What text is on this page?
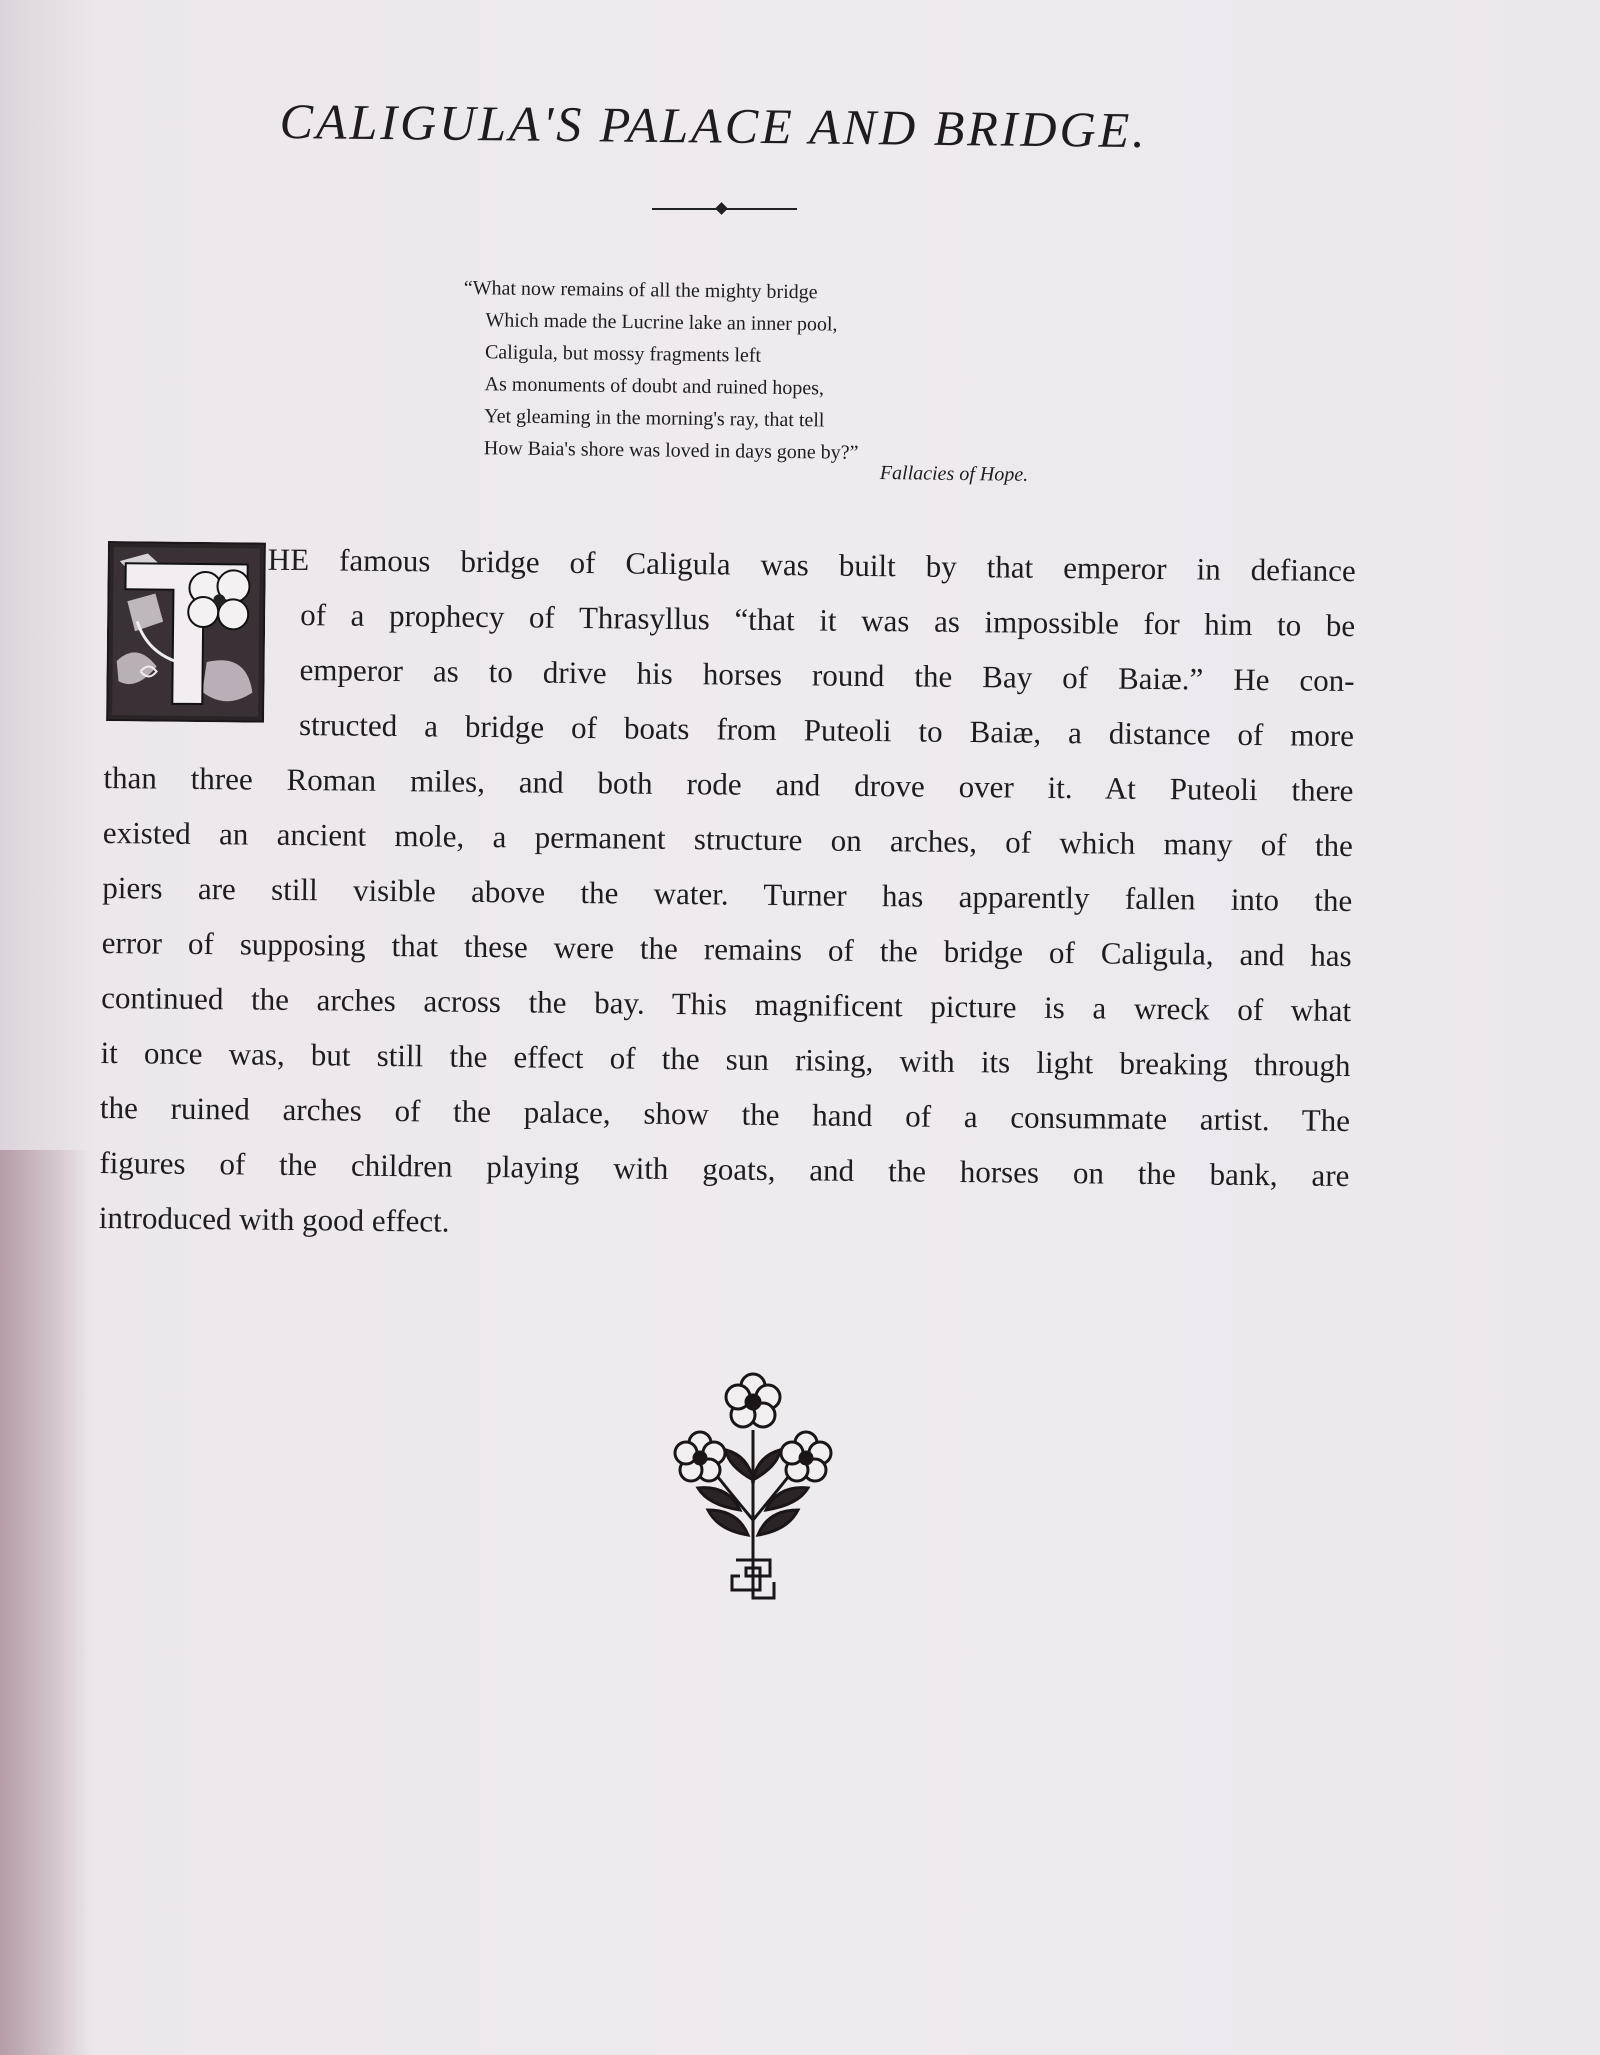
CALIGULA'S PALACE AND BRIDGE.
“What now remains of all the mighty bridge
Which made the Lucrine lake an inner pool,
Caligula, but mossy fragments left
As monuments of doubt and ruined hopes,
Yet gleaming in the morning's ray, that tell
How Baia's shore was loved in days gone by?”
Fallacies of Hope.
HE famous bridge of Caligula was built by that emperor in defiance
of a prophecy of Thrasyllus “that it was as impossible for him to be
emperor as to drive his horses round the Bay of Baiæ.” He con-
structed a bridge of boats from Puteoli to Baiæ, a distance of more
than three Roman miles, and both rode and drove over it. At Puteoli there
existed an ancient mole, a permanent structure on arches, of which many of the
piers are still visible above the water. Turner has apparently fallen into the
error of supposing that these were the remains of the bridge of Caligula, and has
continued the arches across the bay. This magnificent picture is a wreck of what
it once was, but still the effect of the sun rising, with its light breaking through
the ruined arches of the palace, show the hand of a consummate artist. The
figures of the children playing with goats, and the horses on the bank, are
introduced with good effect.
